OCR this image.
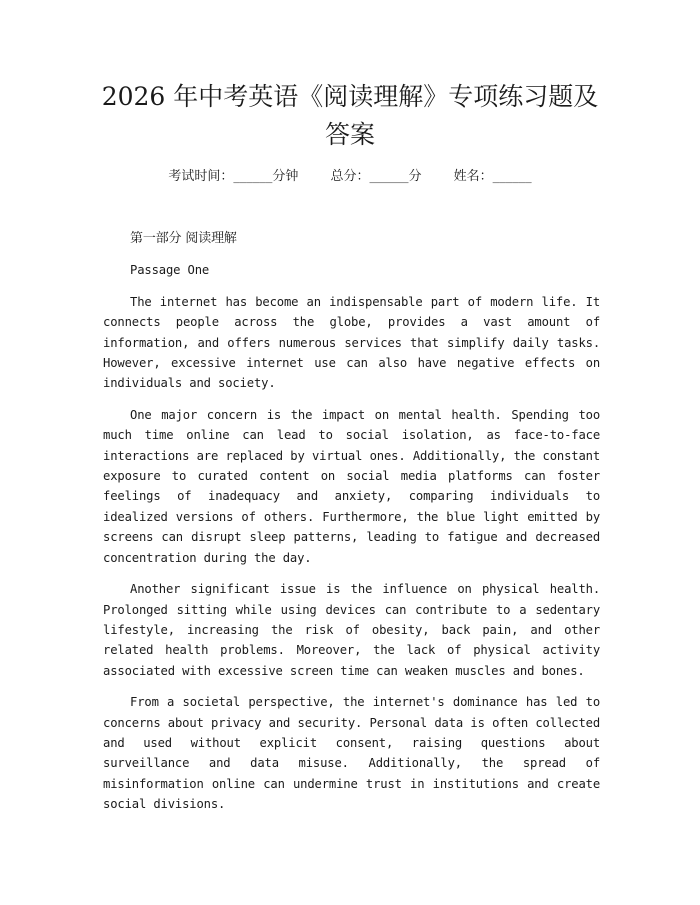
2026 年中考英语《阅读理解》专项练习题及答案
考试时间：______分钟 总分：______分 姓名：______

第一部分 阅读理解

Passage One

The internet has become an indispensable part of modern life. It connects people across the globe, provides a vast amount of information, and offers numerous services that simplify daily tasks. However, excessive internet use can also have negative effects on individuals and society.

One major concern is the impact on mental health. Spending too much time online can lead to social isolation, as face-to-face interactions are replaced by virtual ones. Additionally, the constant exposure to curated content on social media platforms can foster feelings of inadequacy and anxiety, comparing individuals to idealized versions of others. Furthermore, the blue light emitted by screens can disrupt sleep patterns, leading to fatigue and decreased concentration during the day.

Another significant issue is the influence on physical health. Prolonged sitting while using devices can contribute to a sedentary lifestyle, increasing the risk of obesity, back pain, and other related health problems. Moreover, the lack of physical activity associated with excessive screen time can weaken muscles and bones.

From a societal perspective, the internet's dominance has led to concerns about privacy and security. Personal data is often collected and used without explicit consent, raising questions about surveillance and data misuse. Additionally, the spread of misinformation online can undermine trust in institutions and create social divisions.
